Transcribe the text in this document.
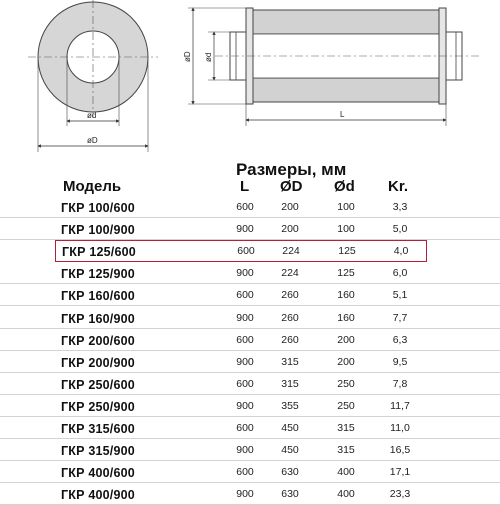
ød
øD
øD ød
L
Размеры, мм
Модель	L ØD Ød Kr.
ГКР 100/600	600	200	100	3,3
ГКР 100/900	900	200	100	5,0
ГКР 125/600	600	224	125	4,0
ГКР 125/900	900	224	125	6,0
ГКР 160/600	600	260	160	5,1
ГКР 160/900	900	260	160	7,7
ГКР 200/600	600	260	200	6,3
ГКР 200/900	900	315	200	9,5
ГКР 250/600	600	315	250	7,8
ГКР 250/900	900	355	250	11,7
ГКР 315/600	600	450	315	11,0
ГКР 315/900	900	450	315	16,5
ГКР 400/600	600	630	400	17,1
ГКР 400/900	900	630	400	23,3
